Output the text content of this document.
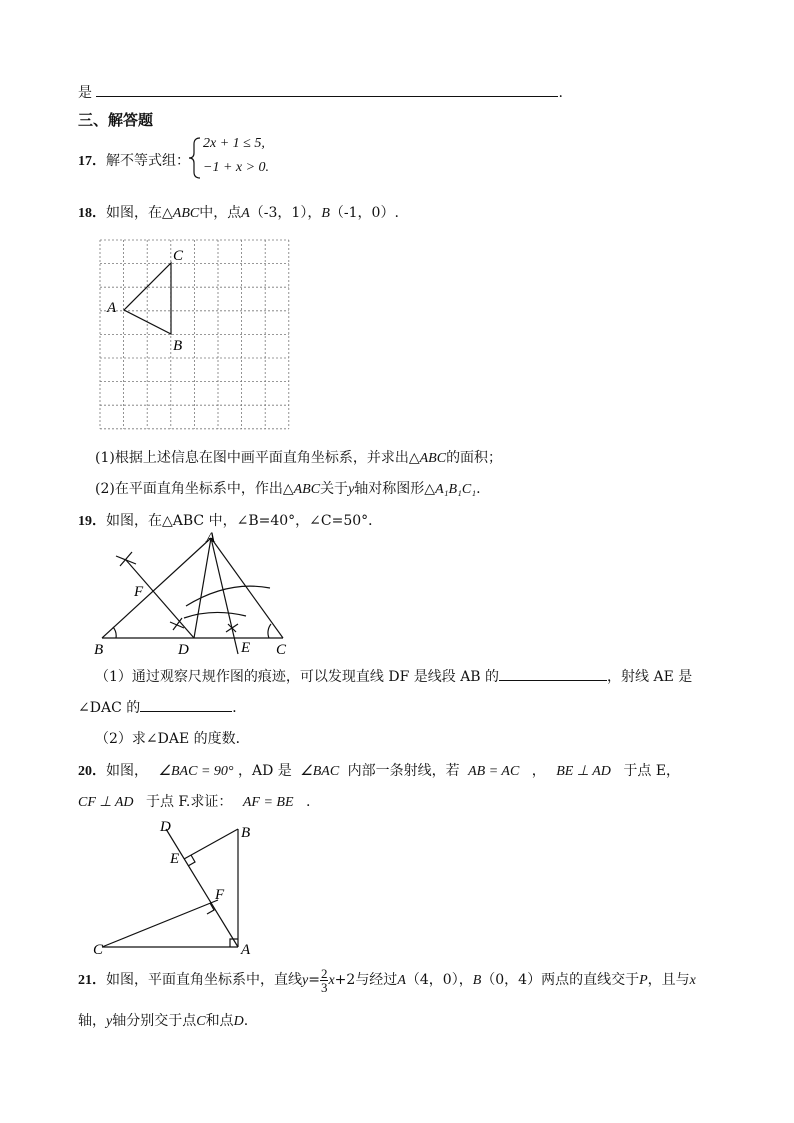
是	.
三、解答题
17．解不等式组：
2x + 1 ≤ 5,
−1 + x > 0.
18．如图，在△ABC中，点A（-3，1），B（-1，0）.
A
C
B
(1)根据上述信息在图中画平面直角坐标系，并求出△ABC的面积；
(2)在平面直角坐标系中，作出△ABC关于y轴对称图形△A₁B₁C₁.
19．如图，在△ABC 中，∠B=40°，∠C=50°．
A
B	C
D	E
F
（1）通过观察尺规作图的痕迹，可以发现直线 DF 是线段 AB 的	，射线 AE 是
∠DAC 的	．
（2）求∠DAE 的度数．
20．如图， ∠BAC = 90° ，AD 是 ∠BAC 内部一条射线，若 AB = AC ， BE ⊥ AD 于点 E，
CF ⊥ AD 于点 F.求证： AF = BE .
D	B
E
F
C	A
21．如图，平面直角坐标系中，直线$y= \frac{2}{3} x+2$与经过A（4，0），B（0，4）两点的直线交于P，且与x
轴，y轴分别交于点C和点D.
